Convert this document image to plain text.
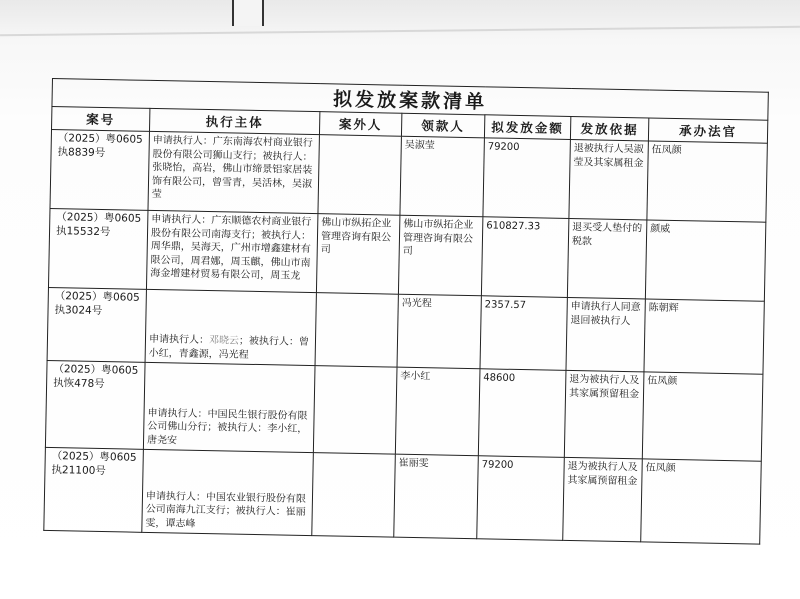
拟发放案款清单						
案号	执行主体	案外人	领款人	拟发放金额	发放依据	承办法官
（2025）粤0605执8839号	申请执行人：广东南海农村商业银行股份有限公司狮山支行；被执行人：张晓怡，高岩，佛山市缔景铝家居装饰有限公司，曾雪青，吴活林，吴淑莹		吴淑莹	79200	退被执行人吴淑莹及其家属租金	伍凤颜
（2025）粤0605执15532号	申请执行人：广东顺德农村商业银行股份有限公司南海支行；被执行人：周华鼎，吴海天，广州市增鑫建材有限公司，周君娜，周玉麒，佛山市南海金增建材贸易有限公司，周玉龙	佛山市纵拓企业管理咨询有限公司	佛山市纵拓企业管理咨询有限公司	610827.33	退买受人垫付的税款	颜威
（2025）粤0605执3024号	申请执行人：邓晓云；被执行人：曾小红，青鑫源，冯光程		冯光程	2357.57	申请执行人同意退回被执行人	陈朝辉
（2025）粤0605执恢478号	申请执行人：中国民生银行股份有限公司佛山分行；被执行人：李小红，唐尧安		李小红	48600	退为被执行人及其家属预留租金	伍凤颜
（2025）粤0605执21100号	申请执行人：中国农业银行股份有限公司南海九江支行；被执行人：崔丽雯，谭志峰		崔丽雯	79200	退为被执行人及其家属预留租金	伍凤颜
